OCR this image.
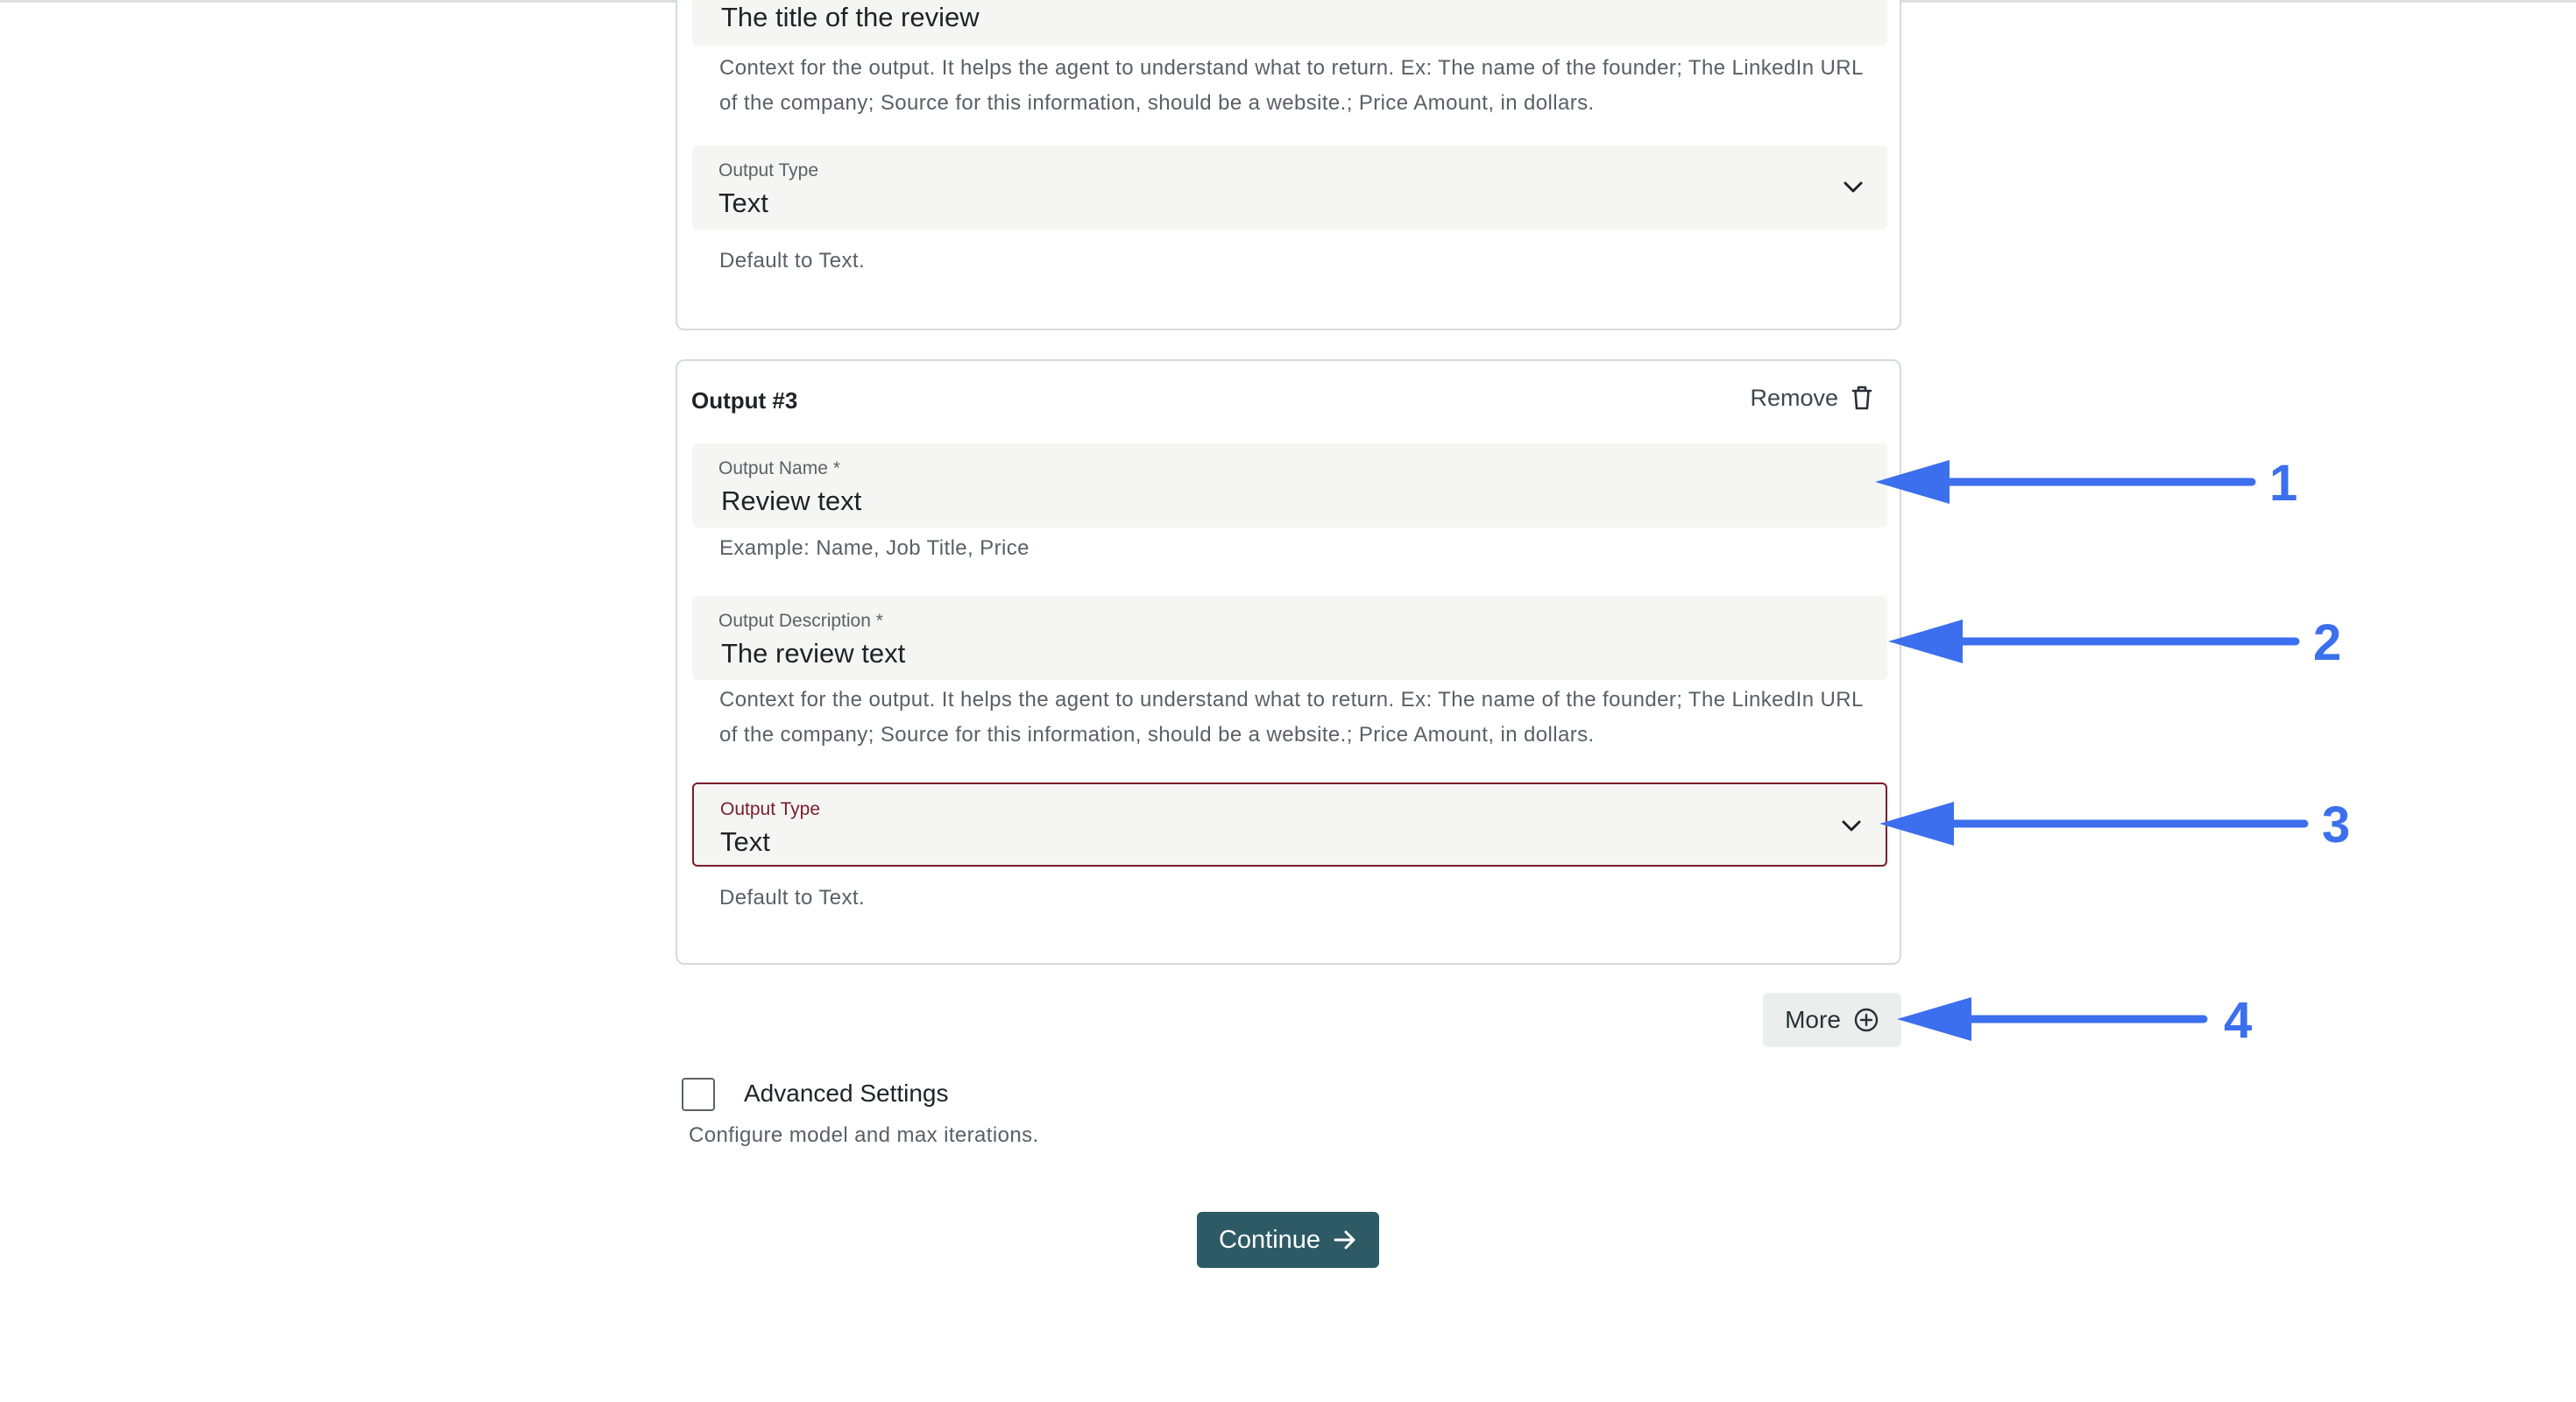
The title of the review
Context for the output. It helps the agent to understand what to return. Ex: The name of the founder; The LinkedIn URL of the company; Source for this information, should be a website.; Price Amount, in dollars.
Output Type
Text
Default to Text.
Output #3	Remove
Output Name *
Review text
Example: Name, Job Title, Price
Output Description *
The review text
Context for the output. It helps the agent to understand what to return. Ex: The name of the founder; The LinkedIn URL of the company; Source for this information, should be a website.; Price Amount, in dollars.
Output Type
Text
Default to Text.
More
Advanced Settings
Configure model and max iterations.
Continue
1
2
3
4
